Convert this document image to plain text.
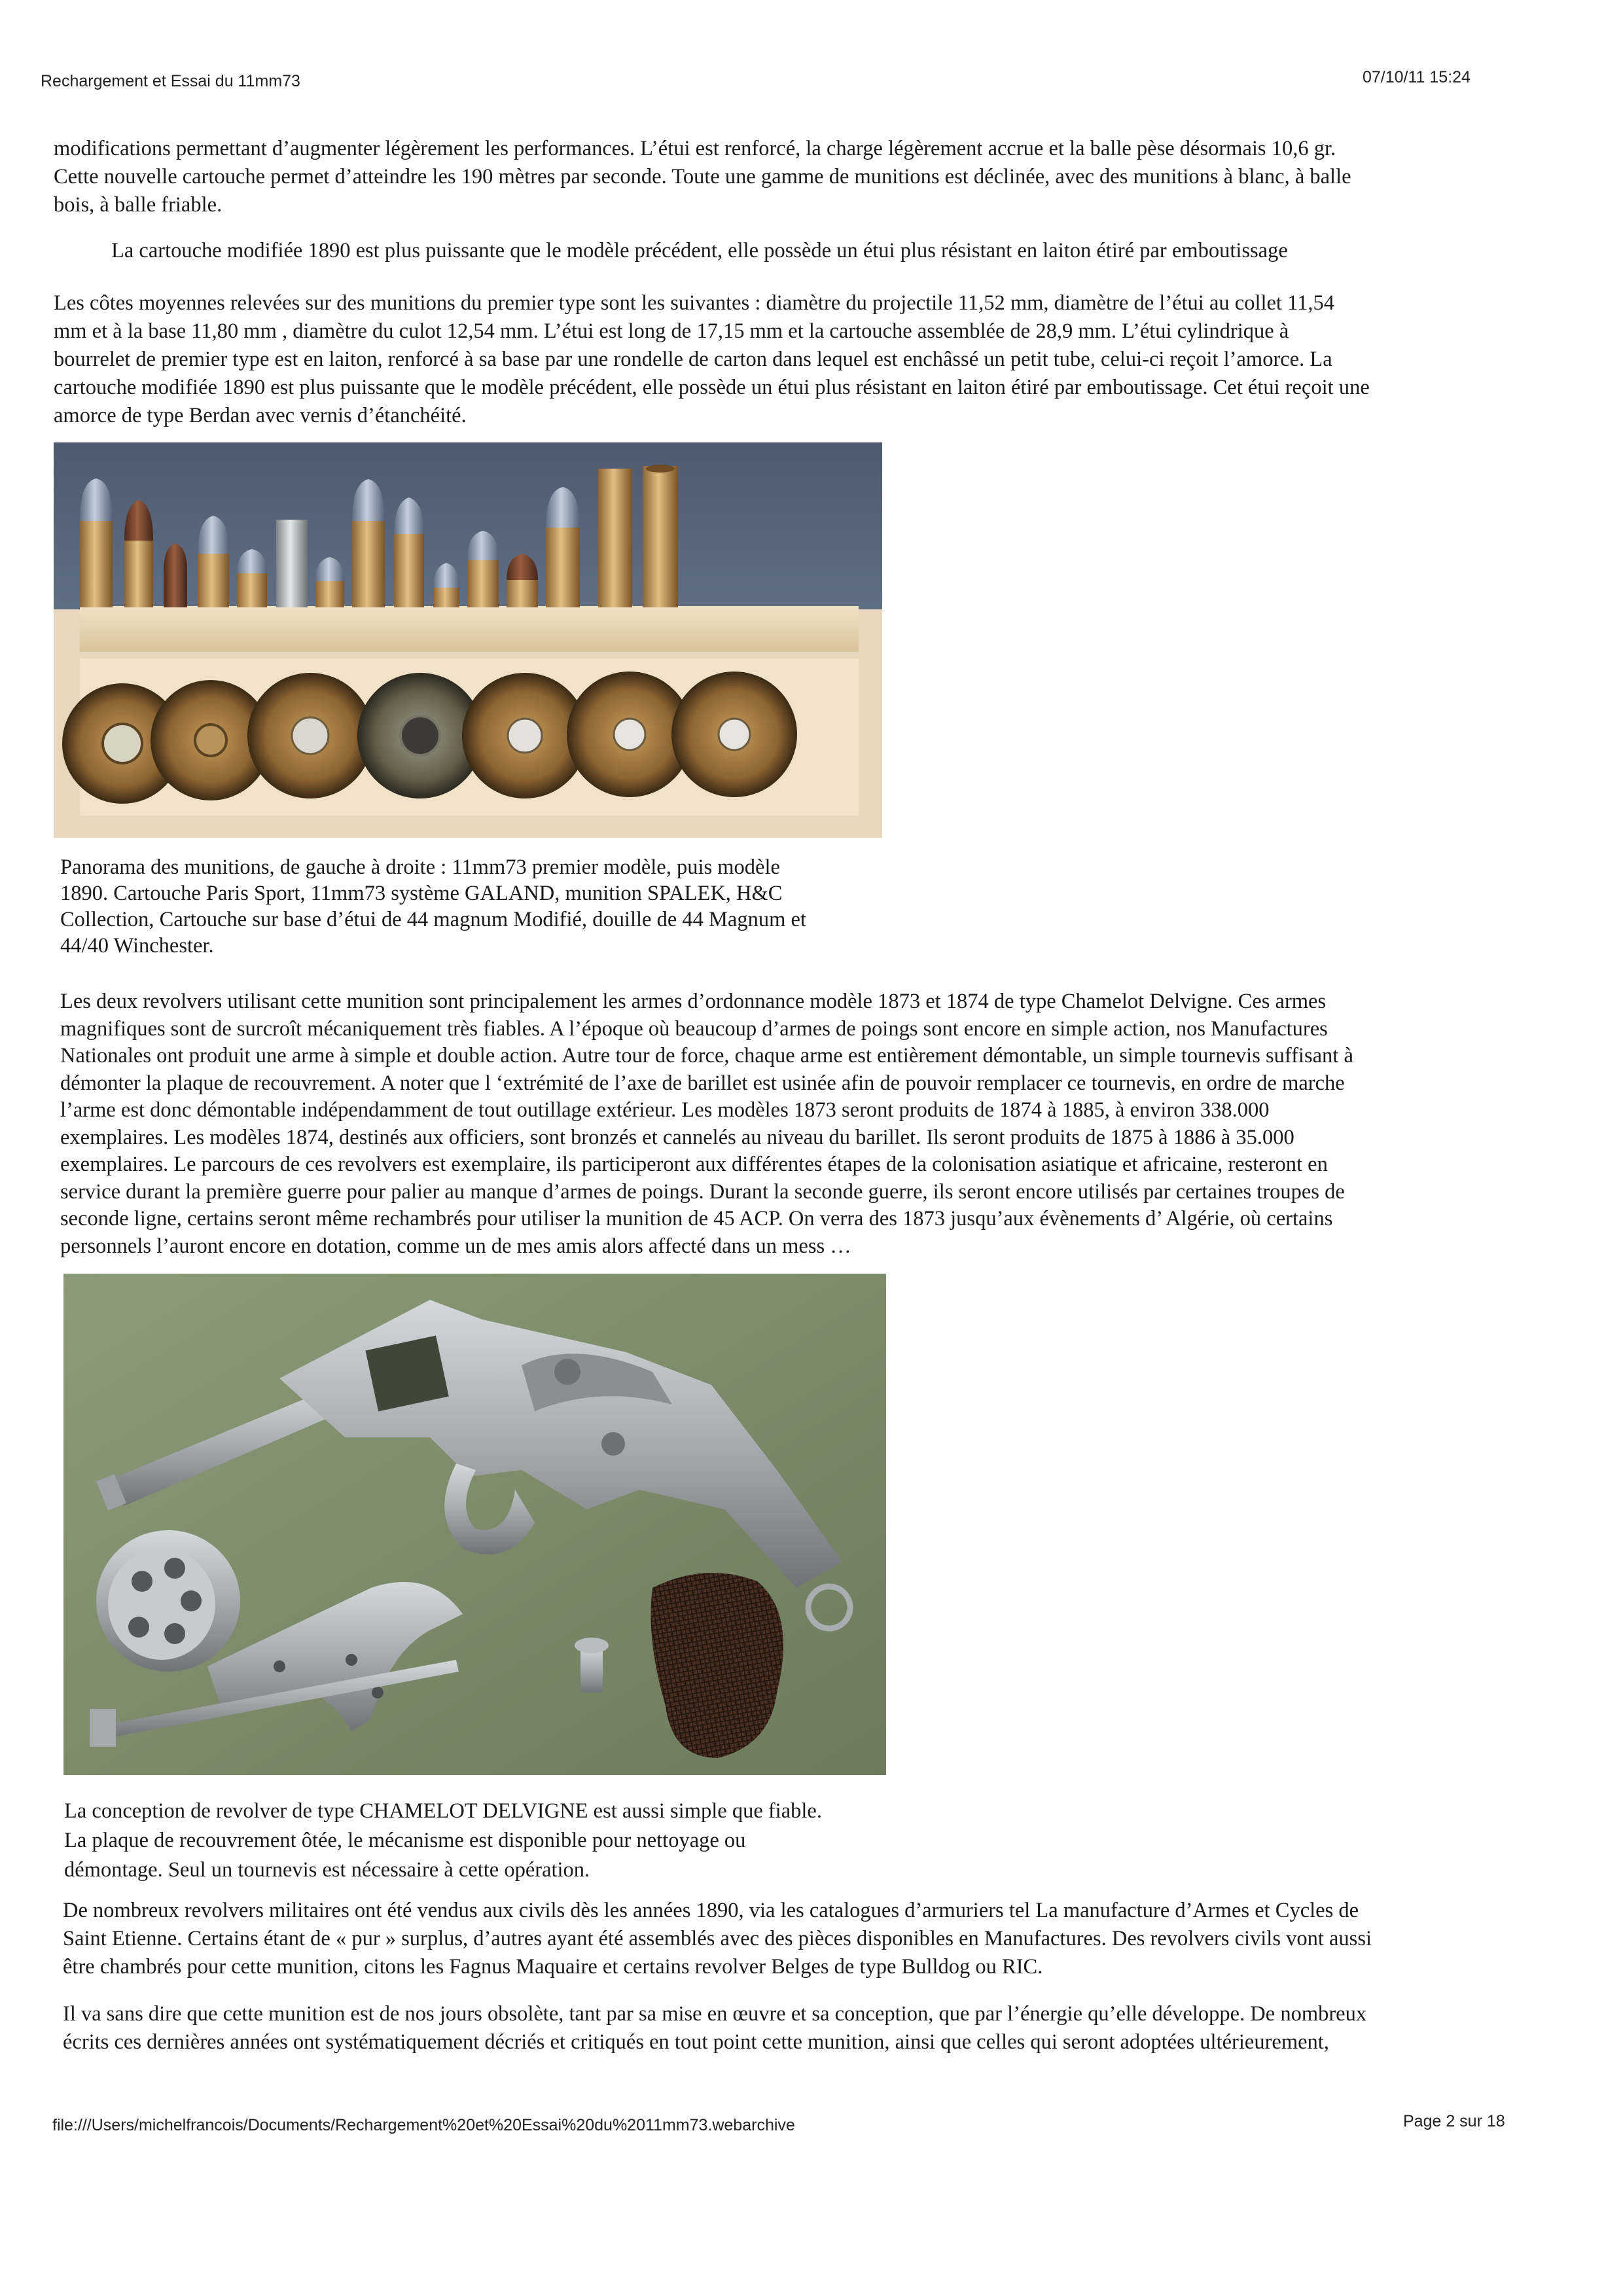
Rechargement et Essai du 11mm73	07/10/11 15:24
modifications permettant d’augmenter légèrement les performances. L’étui est renforcé, la charge légèrement accrue et la balle pèse désormais 10,6 gr.
Cette nouvelle cartouche permet d’atteindre les 190 mètres par seconde. Toute une gamme de munitions est déclinée, avec des munitions à blanc, à balle
bois, à balle friable.
La cartouche modifiée 1890 est plus puissante que le modèle précédent, elle possède un étui plus résistant en laiton étiré par emboutissage
Les côtes moyennes relevées sur des munitions du premier type sont les suivantes : diamètre du projectile 11,52 mm, diamètre de l’étui au collet 11,54
mm et à la base 11,80 mm , diamètre du culot 12,54 mm. L’étui est long de 17,15 mm et la cartouche assemblée de 28,9 mm. L’étui cylindrique à
bourrelet de premier type est en laiton, renforcé à sa base par une rondelle de carton dans lequel est enchâssé un petit tube, celui-ci reçoit l’amorce. La
cartouche modifiée 1890 est plus puissante que le modèle précédent, elle possède un étui plus résistant en laiton étiré par emboutissage. Cet étui reçoit une
amorce de type Berdan avec vernis d’étanchéité.
Panorama des munitions, de gauche à droite : 11mm73 premier modèle, puis modèle
1890. Cartouche Paris Sport, 11mm73 système GALAND, munition SPALEK, H&C
Collection, Cartouche sur base d’étui de 44 magnum Modifié, douille de 44 Magnum et
44/40 Winchester.
Les deux revolvers utilisant cette munition sont principalement les armes d’ordonnance modèle 1873 et 1874 de type Chamelot Delvigne. Ces armes
magnifiques sont de surcroît mécaniquement très fiables. A l’époque où beaucoup d’armes de poings sont encore en simple action, nos Manufactures
Nationales ont produit une arme à simple et double action. Autre tour de force, chaque arme est entièrement démontable, un simple tournevis suffisant à
démonter la plaque de recouvrement. A noter que l ‘extrémité de l’axe de barillet est usinée afin de pouvoir remplacer ce tournevis, en ordre de marche
l’arme est donc démontable indépendamment de tout outillage extérieur. Les modèles 1873 seront produits de 1874 à 1885, à environ 338.000
exemplaires. Les modèles 1874, destinés aux officiers, sont bronzés et cannelés au niveau du barillet. Ils seront produits de 1875 à 1886 à 35.000
exemplaires. Le parcours de ces revolvers est exemplaire, ils participeront aux différentes étapes de la colonisation asiatique et africaine, resteront en
service durant la première guerre pour palier au manque d’armes de poings. Durant la seconde guerre, ils seront encore utilisés par certaines troupes de
seconde ligne, certains seront même rechambrés pour utiliser la munition de 45 ACP. On verra des 1873 jusqu’aux évènements d’ Algérie, où certains
personnels l’auront encore en dotation, comme un de mes amis alors affecté dans un mess …
La conception de revolver de type CHAMELOT DELVIGNE est aussi simple que fiable.
La plaque de recouvrement ôtée, le mécanisme est disponible pour nettoyage ou
démontage. Seul un tournevis est nécessaire à cette opération.
De nombreux revolvers militaires ont été vendus aux civils dès les années 1890, via les catalogues d’armuriers tel La manufacture d’Armes et Cycles de
Saint Etienne. Certains étant de « pur » surplus, d’autres ayant été assemblés avec des pièces disponibles en Manufactures. Des revolvers civils vont aussi
être chambrés pour cette munition, citons les Fagnus Maquaire et certains revolver Belges de type Bulldog ou RIC.
Il va sans dire que cette munition est de nos jours obsolète, tant par sa mise en œuvre et sa conception, que par l’énergie qu’elle développe. De nombreux
écrits ces dernières années ont systématiquement décriés et critiqués en tout point cette munition, ainsi que celles qui seront adoptées ultérieurement,
file:///Users/michelfrancois/Documents/Rechargement%20et%20Essai%20du%2011mm73.webarchive	Page 2 sur 18
